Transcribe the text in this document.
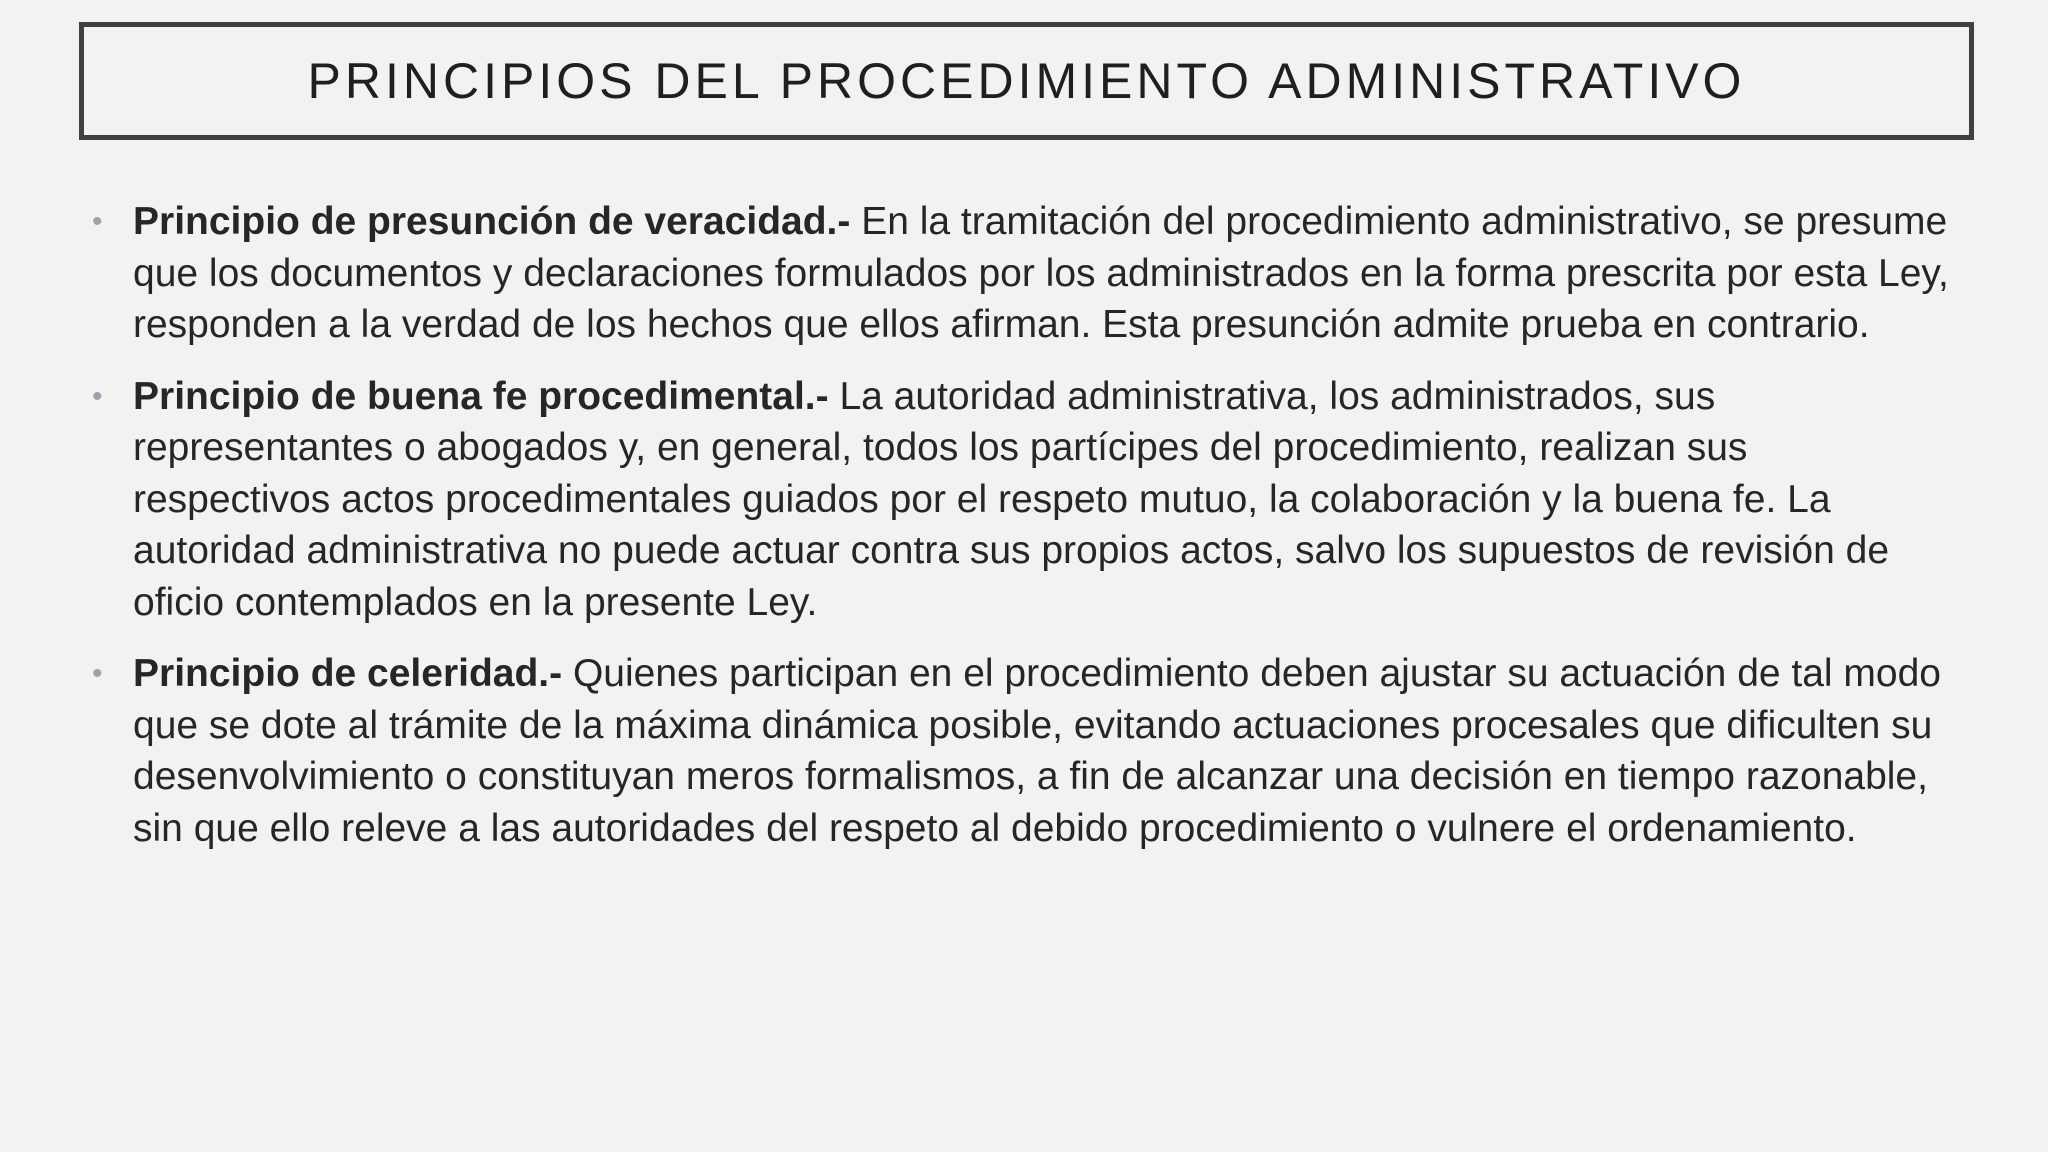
PRINCIPIOS DEL PROCEDIMIENTO ADMINISTRATIVO
• Principio de presunción de veracidad.- En la tramitación del procedimiento administrativo, se presume que los documentos y declaraciones formulados por los administrados en la forma prescrita por esta Ley, responden a la verdad de los hechos que ellos afirman. Esta presunción admite prueba en contrario.
• Principio de buena fe procedimental.- La autoridad administrativa, los administrados, sus representantes o abogados y, en general, todos los partícipes del procedimiento, realizan sus respectivos actos procedimentales guiados por el respeto mutuo, la colaboración y la buena fe. La autoridad administrativa no puede actuar contra sus propios actos, salvo los supuestos de revisión de oficio contemplados en la presente Ley.
• Principio de celeridad.- Quienes participan en el procedimiento deben ajustar su actuación de tal modo que se dote al trámite de la máxima dinámica posible, evitando actuaciones procesales que dificulten su desenvolvimiento o constituyan meros formalismos, a fin de alcanzar una decisión en tiempo razonable, sin que ello releve a las autoridades del respeto al debido procedimiento o vulnere el ordenamiento.
